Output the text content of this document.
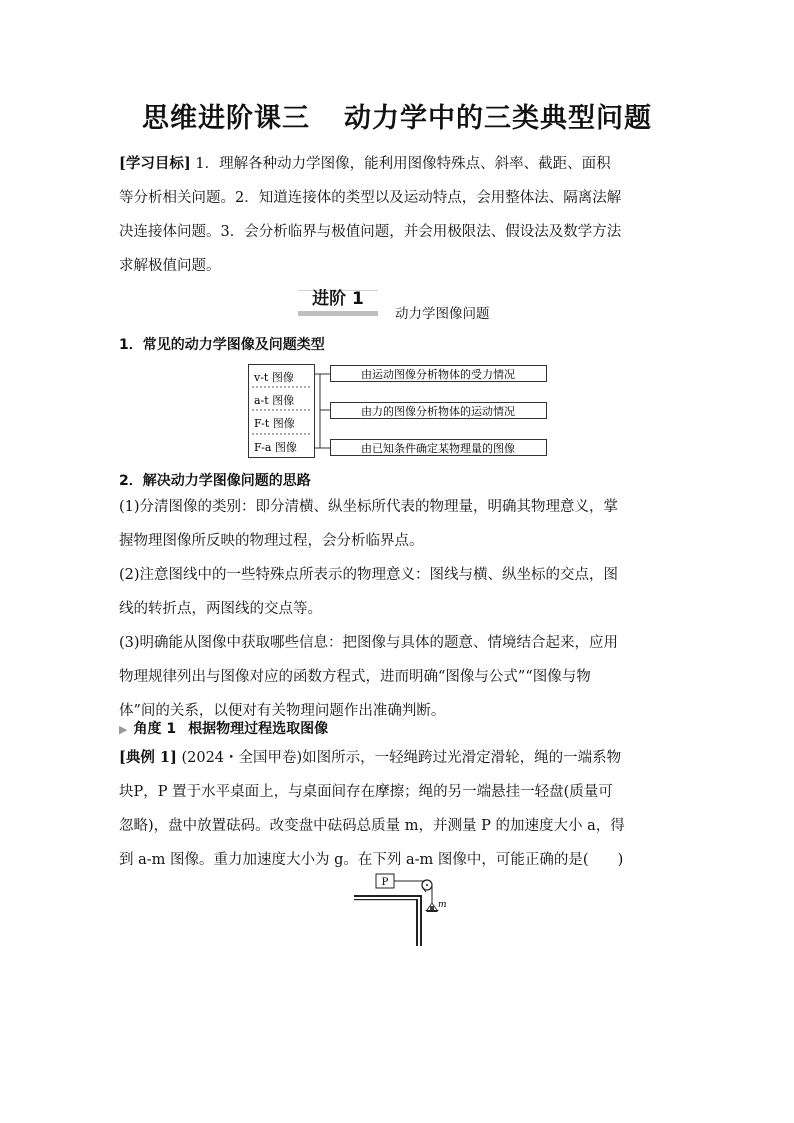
思维进阶课三 动力学中的三类典型问题

[学习目标] 1．理解各种动力学图像，能利用图像特殊点、斜率、截距、面积

等分析相关问题。2．知道连接体的类型以及运动特点，会用整体法、隔离法解

决连接体问题。3．会分析临界与极值问题，并会用极限法、假设法及数学方法

求解极值问题。

进阶 1
动力学图像问题
1．常见的动力学图像及问题类型
v-t 图像
a-t 图像
F-t 图像
F-a 图像
由运动图像分析物体的受力情况
由力的图像分析物体的运动情况
由已知条件确定某物理量的图像
2．解决动力学图像问题的思路

(1)分清图像的类别：即分清横、纵坐标所代表的物理量，明确其物理意义，掌

握物理图像所反映的物理过程，会分析临界点。

(2)注意图线中的一些特殊点所表示的物理意义：图线与横、纵坐标的交点，图

线的转折点，两图线的交点等。

(3)明确能从图像中获取哪些信息：把图像与具体的题意、情境结合起来，应用

物理规律列出与图像对应的函数方程式，进而明确“图像与公式”“图像与物

体”间的关系，以便对有关物理问题作出准确判断。

▶ 角度 1 根据物理过程选取图像

[典例 1] (2024・全国甲卷)如图所示，一轻绳跨过光滑定滑轮，绳的一端系物

块P，P 置于水平桌面上，与桌面间存在摩擦；绳的另一端悬挂一轻盘(质量可

忽略)，盘中放置砝码。改变盘中砝码总质量 m，并测量 P 的加速度大小 a，得

到 a-m 图像。重力加速度大小为 g。在下列 a-m 图像中，可能正确的是(　　)

P
m
